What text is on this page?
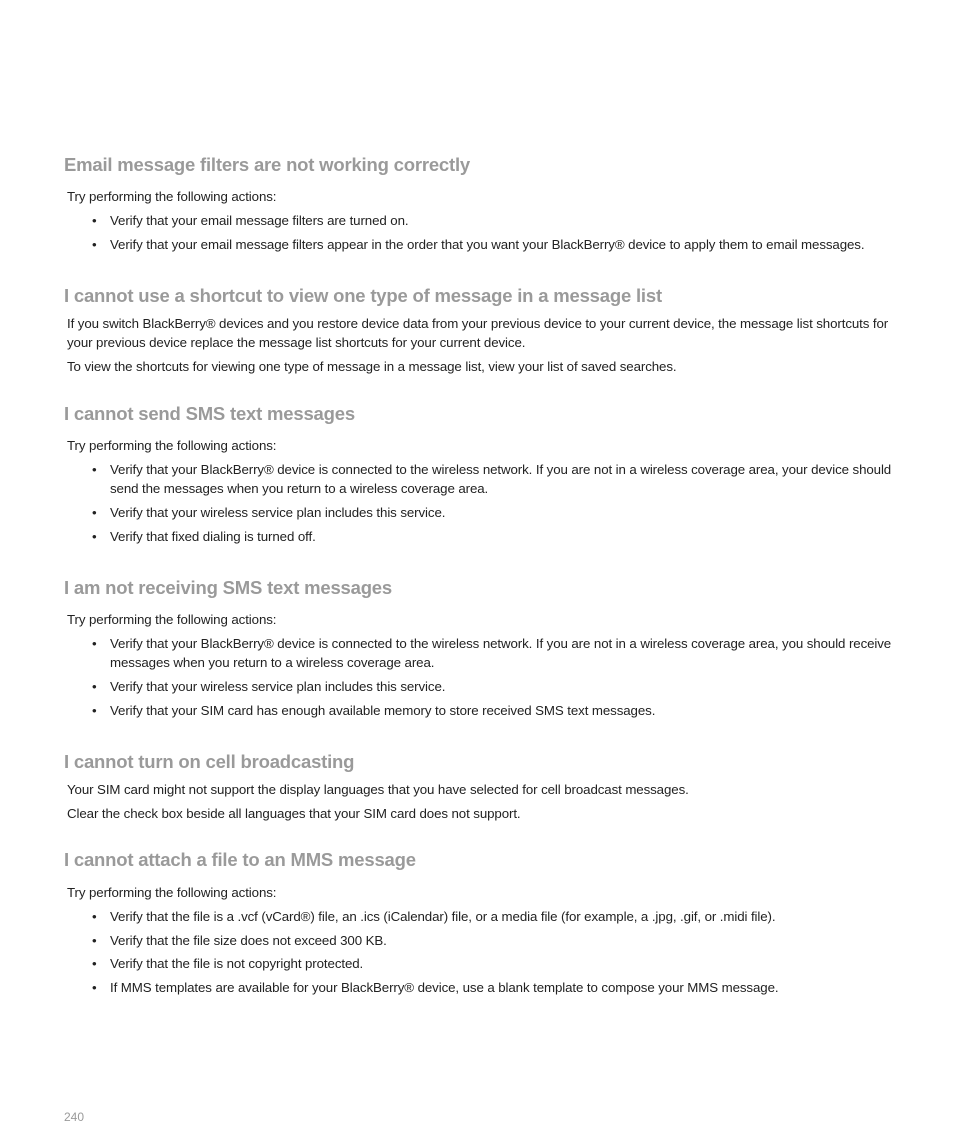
Email message filters are not working correctly

Try performing the following actions:

•	Verify that your email message filters are turned on.
•	Verify that your email message filters appear in the order that you want your BlackBerry® device to apply them to email messages.
I cannot use a shortcut to view one type of message in a message list

If you switch BlackBerry® devices and you restore device data from your previous device to your current device, the message list shortcuts for your previous device replace the message list shortcuts for your current device.

To view the shortcuts for viewing one type of message in a message list, view your list of saved searches.

I cannot send SMS text messages

Try performing the following actions:

•	Verify that your BlackBerry® device is connected to the wireless network. If you are not in a wireless coverage area, your device should send the messages when you return to a wireless coverage area.
•	Verify that your wireless service plan includes this service.
•	Verify that fixed dialing is turned off.
I am not receiving SMS text messages

Try performing the following actions:

•	Verify that your BlackBerry® device is connected to the wireless network. If you are not in a wireless coverage area, you should receive messages when you return to a wireless coverage area.
•	Verify that your wireless service plan includes this service.
•	Verify that your SIM card has enough available memory to store received SMS text messages.
I cannot turn on cell broadcasting

Your SIM card might not support the display languages that you have selected for cell broadcast messages.

Clear the check box beside all languages that your SIM card does not support.

I cannot attach a file to an MMS message

Try performing the following actions:

•	Verify that the file is a .vcf (vCard®) file, an .ics (iCalendar) file, or a media file (for example, a .jpg, .gif, or .midi file).
•	Verify that the file size does not exceed 300 KB.
•	Verify that the file is not copyright protected.
•	If MMS templates are available for your BlackBerry® device, use a blank template to compose your MMS message.
240
